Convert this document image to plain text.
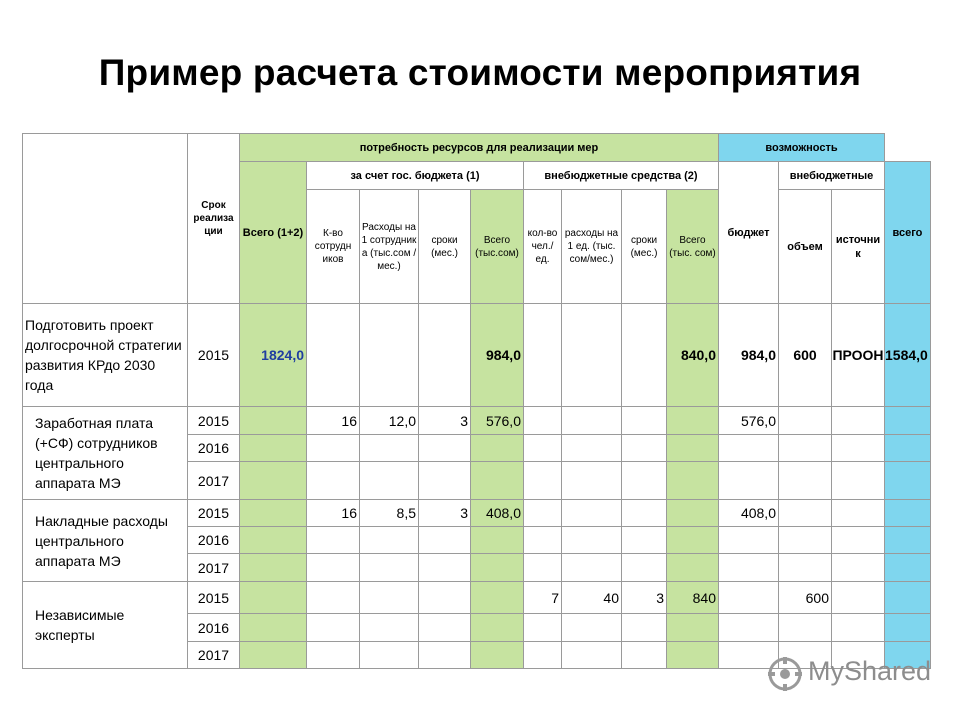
Пример расчета стоимости мероприятия
	Срок реализа ции	потребность ресурсов для реализации мер									возможность			
		Всего (1+2)	за счет гос. бюджета (1)				внебюджетные средства (2)				бюджет	внебюджетные		всего
			К-во сотрудн иков	Расходы на 1 сотрудник а (тыс.сом /мес.)	сроки (мес.)	Всего (тыс.сом)	кол-во чел./ ед.	расходы на 1 ед. (тыс. сом/мес.)	сроки (мес.)	Всего (тыс. сом)		объем	источни к	
Подготовить проект долгосрочной стратегии развития КРдо 2030 года	2015	1824,0				984,0				840,0	984,0	600	ПРООН	1584,0
Заработная плата (+СФ) сотрудников центрального аппарата МЭ	2015		16	12,0	3	576,0					576,0			
	2016													
	2017													
Накладные расходы центрального аппарата МЭ	2015		16	8,5	3	408,0					408,0			
	2016													
	2017													
Независимые эксперты	2015						7	40	3	840		600		
	2016													
	2017													
MyShared
